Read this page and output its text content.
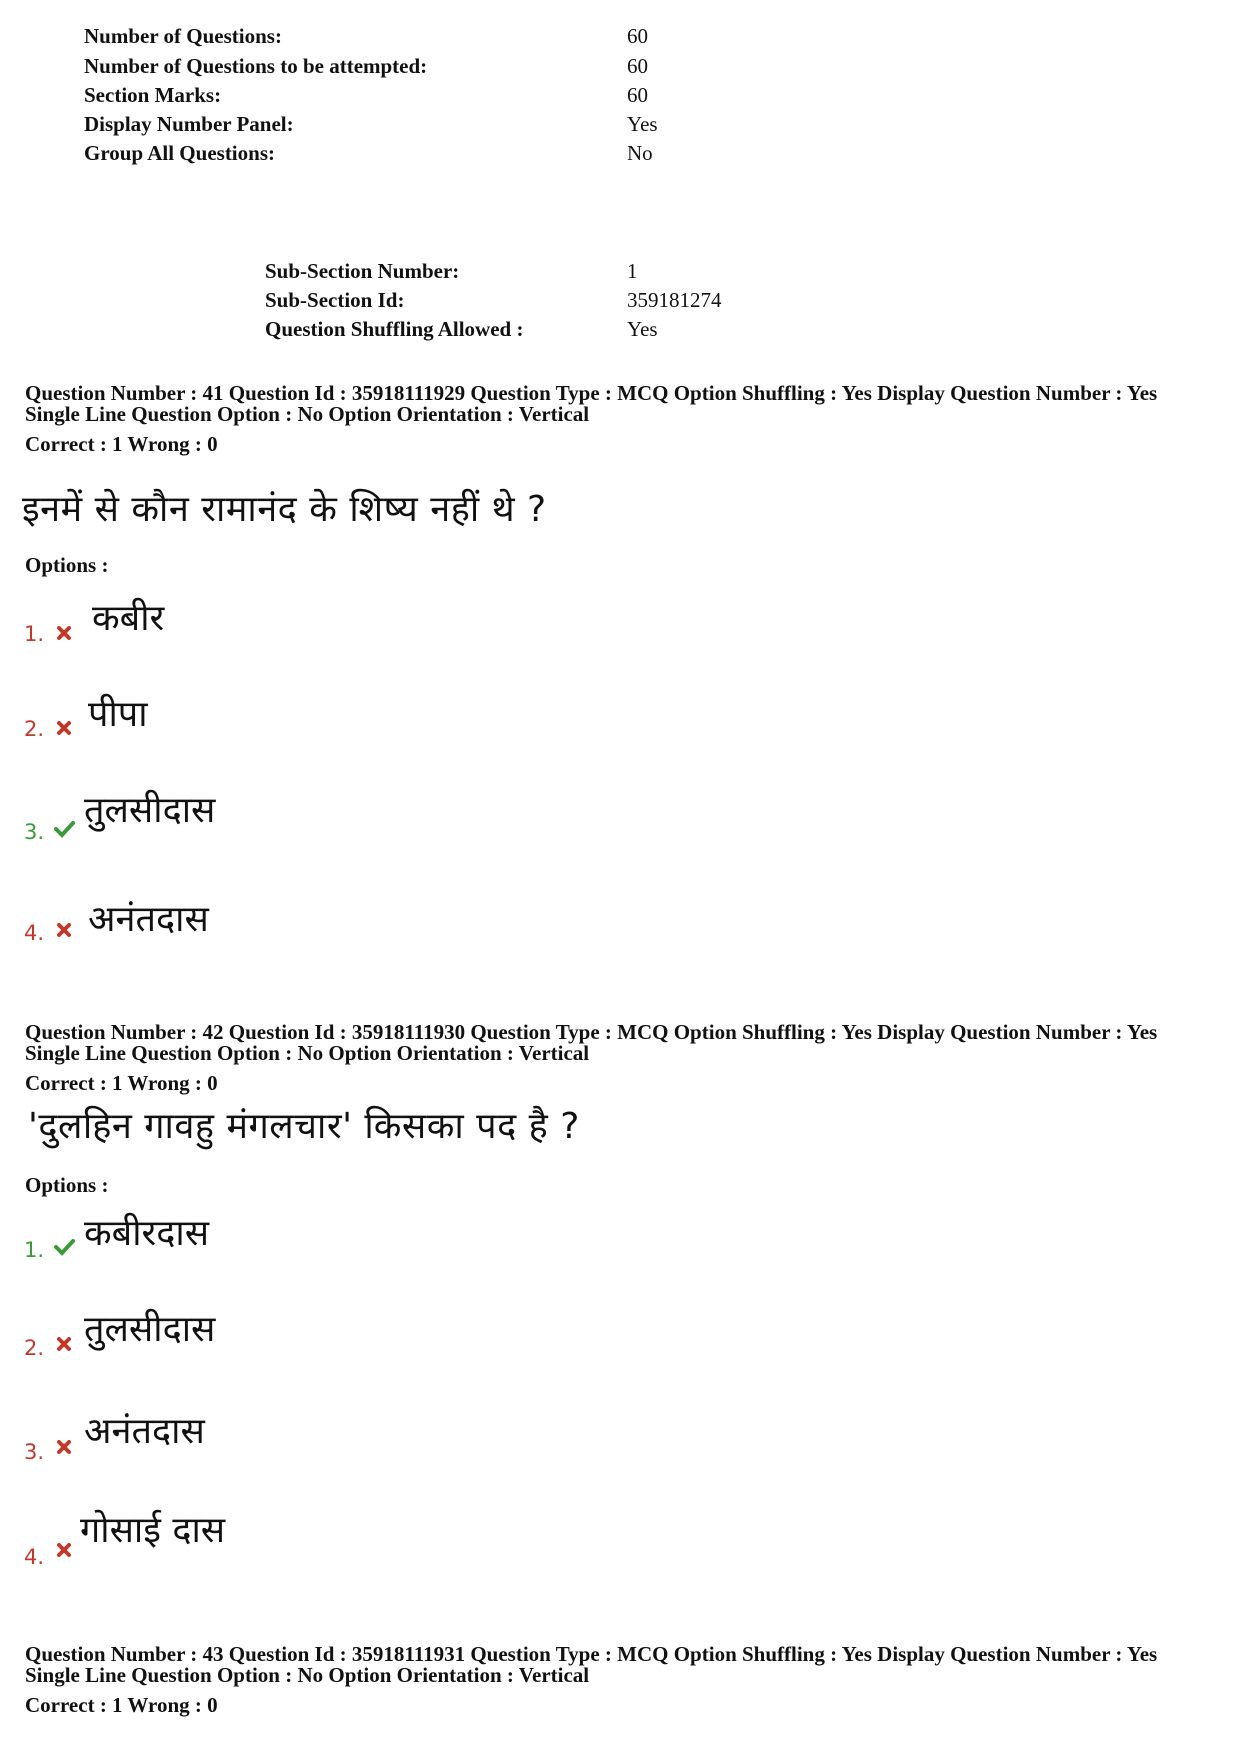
Number of Questions:	60
Number of Questions to be attempted:	60
Section Marks:	60
Display Number Panel:	Yes
Group All Questions:	No
Sub-Section Number:	1
Sub-Section Id:	359181274
Question Shuffling Allowed :	Yes
Question Number : 41 Question Id : 35918111929 Question Type : MCQ Option Shuffling : Yes Display Question Number : Yes
Single Line Question Option : No Option Orientation : Vertical
Correct : 1 Wrong : 0
इनमें से कौन रामानंद के शिष्य नहीं थे ?
Options :
1. कबीर
2. पीपा
3.
तुलसीदास
4. अनंतदास
Question Number : 42 Question Id : 35918111930 Question Type : MCQ Option Shuffling : Yes Display Question Number : Yes
Single Line Question Option : No Option Orientation : Vertical
Correct : 1 Wrong : 0
'दुलहिन गावहु मंगलचार' किसका पद है ?
Options :
1. कबीरदास
2. तुलसीदास
3. अनंतदास
4.
गोसाई दास
Question Number : 43 Question Id : 35918111931 Question Type : MCQ Option Shuffling : Yes Display Question Number : Yes
Single Line Question Option : No Option Orientation : Vertical
Correct : 1 Wrong : 0
